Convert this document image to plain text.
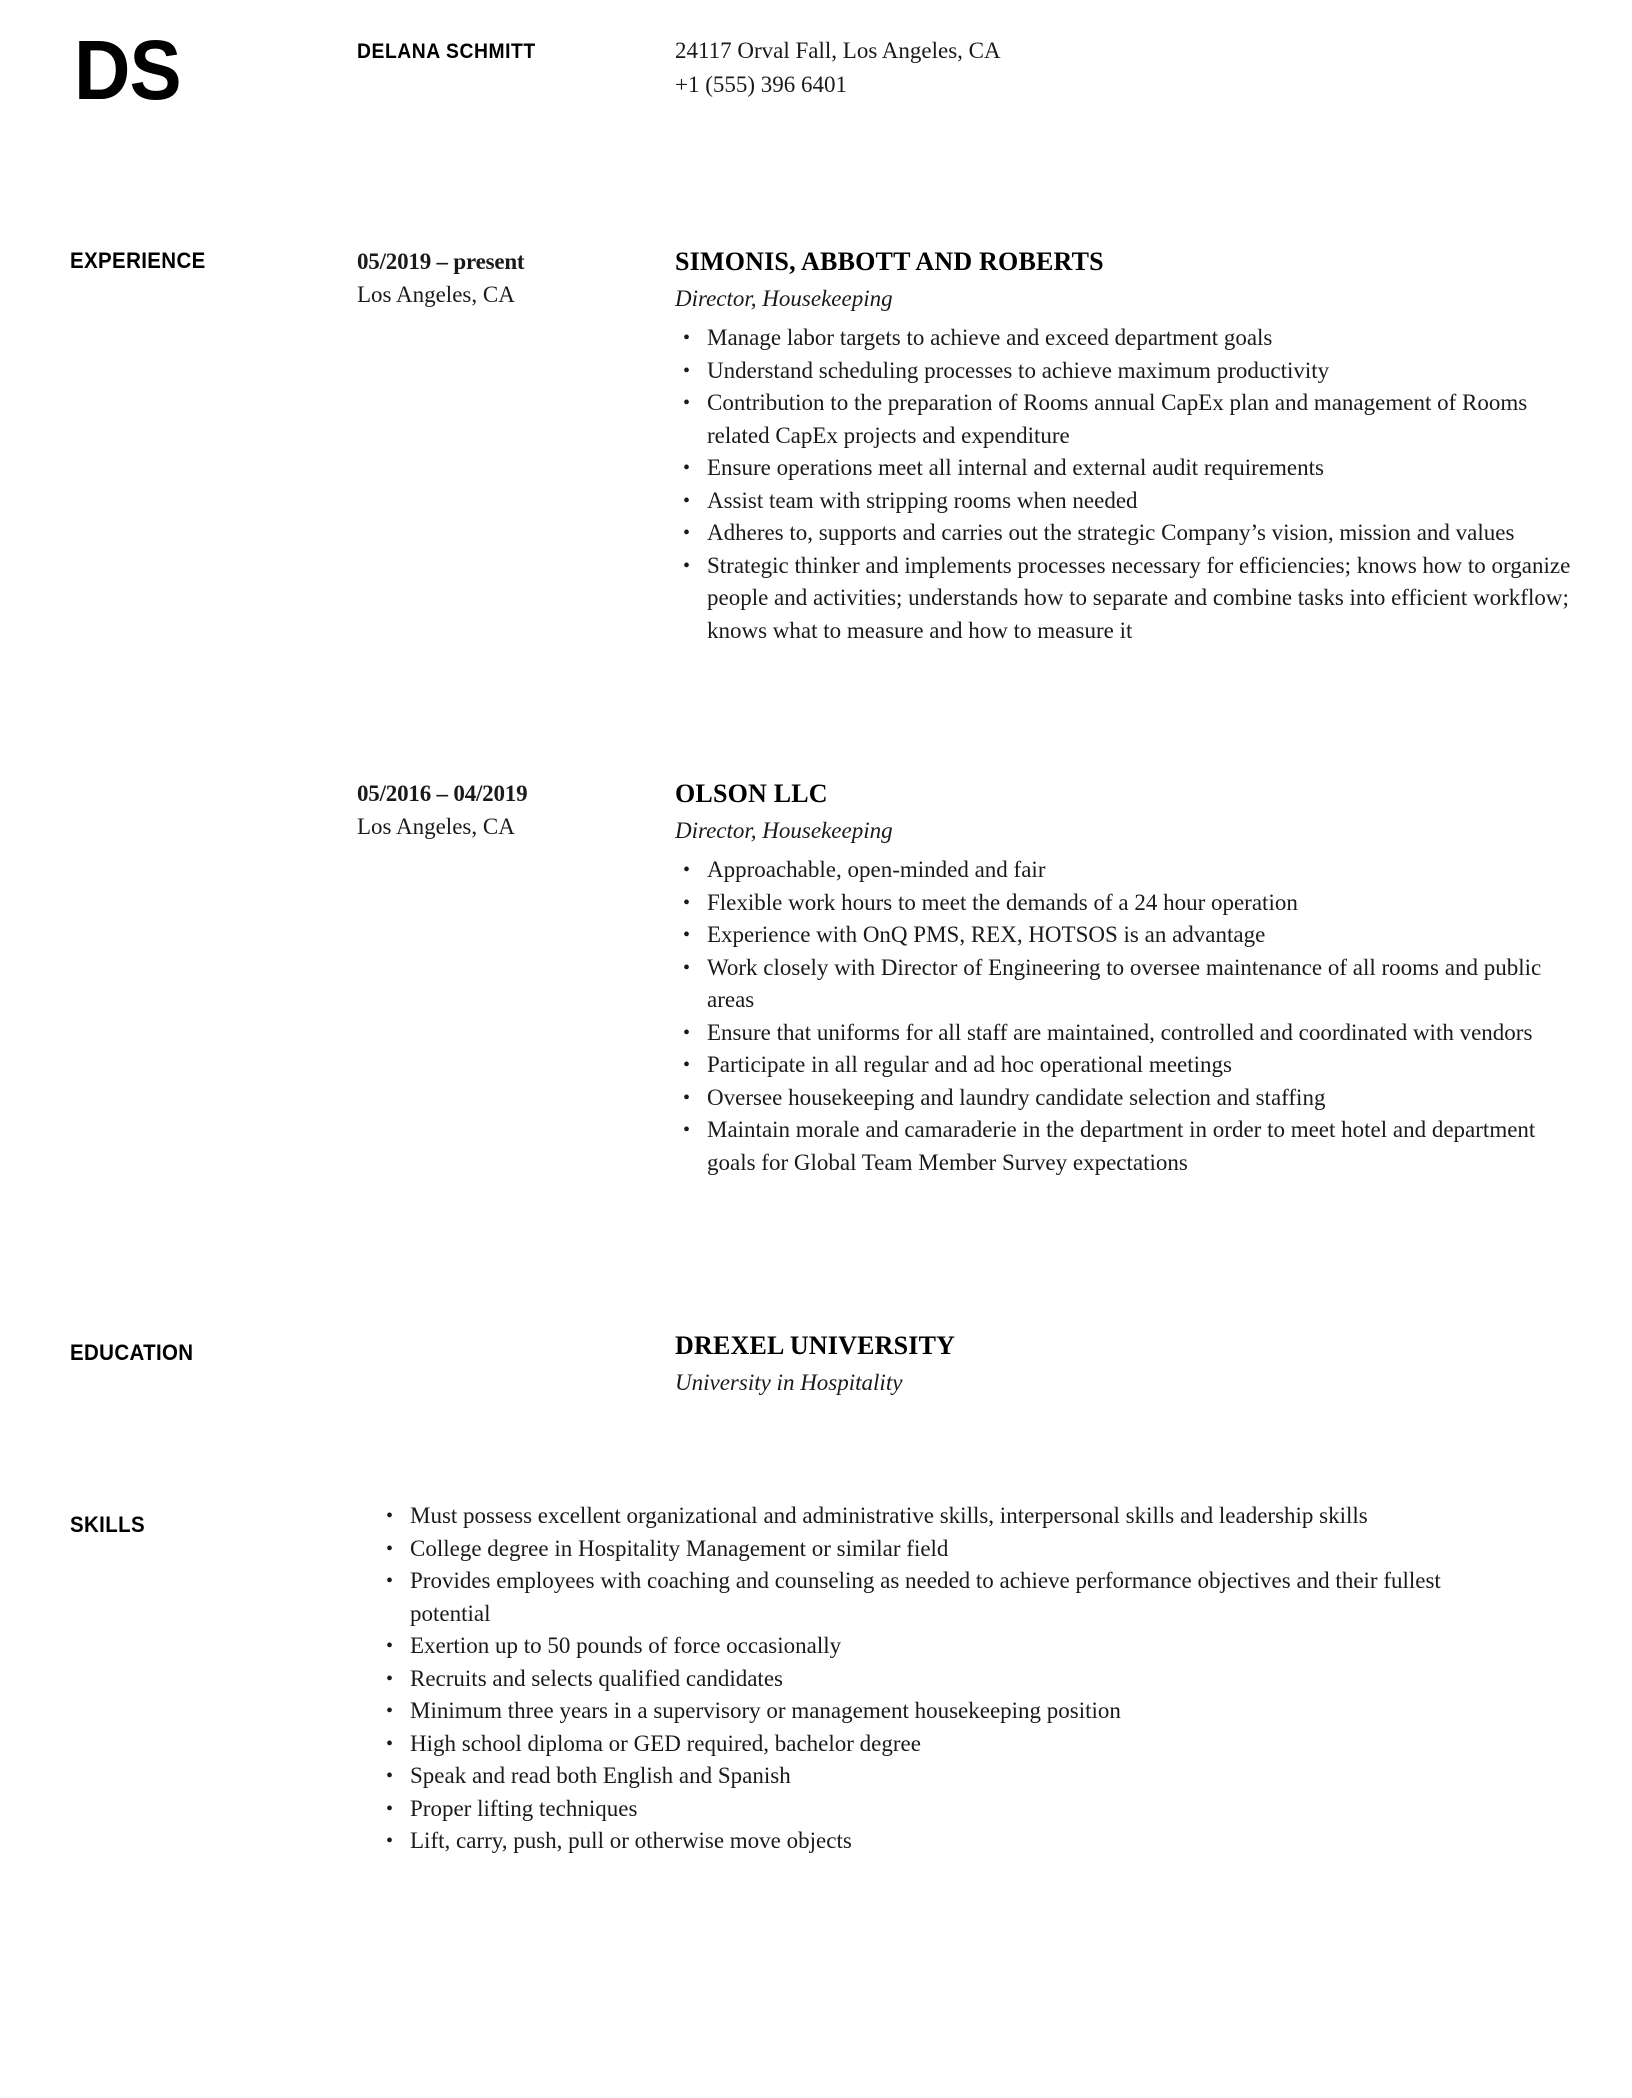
DS	DELANA SCHMITT	24117 Orval Fall, Los Angeles, CA
+1 (555) 396 6401
EXPERIENCE	05/2019 – present
Los Angeles, CA
SIMONIS, ABBOTT AND ROBERTS
Director, Housekeeping
• Manage labor targets to achieve and exceed department goals
• Understand scheduling processes to achieve maximum productivity
• Contribution to the preparation of Rooms annual CapEx plan and management of Rooms related CapEx projects and expenditure
• Ensure operations meet all internal and external audit requirements
• Assist team with stripping rooms when needed
• Adheres to, supports and carries out the strategic Company’s vision, mission and values
• Strategic thinker and implements processes necessary for efficiencies; knows how to organize people and activities; understands how to separate and combine tasks into efficient workflow; knows what to measure and how to measure it
05/2016 – 04/2019
Los Angeles, CA
OLSON LLC
Director, Housekeeping
• Approachable, open-minded and fair
• Flexible work hours to meet the demands of a 24 hour operation
• Experience with OnQ PMS, REX, HOTSOS is an advantage
• Work closely with Director of Engineering to oversee maintenance of all rooms and public areas
• Ensure that uniforms for all staff are maintained, controlled and coordinated with vendors
• Participate in all regular and ad hoc operational meetings
• Oversee housekeeping and laundry candidate selection and staffing
• Maintain morale and camaraderie in the department in order to meet hotel and department goals for Global Team Member Survey expectations
EDUCATION	DREXEL UNIVERSITY
University in Hospitality
SKILLS	• Must possess excellent organizational and administrative skills, interpersonal skills and leadership skills
• College degree in Hospitality Management or similar field
• Provides employees with coaching and counseling as needed to achieve performance objectives and their fullest potential
• Exertion up to 50 pounds of force occasionally
• Recruits and selects qualified candidates
• Minimum three years in a supervisory or management housekeeping position
• High school diploma or GED required, bachelor degree
• Speak and read both English and Spanish
• Proper lifting techniques
• Lift, carry, push, pull or otherwise move objects
